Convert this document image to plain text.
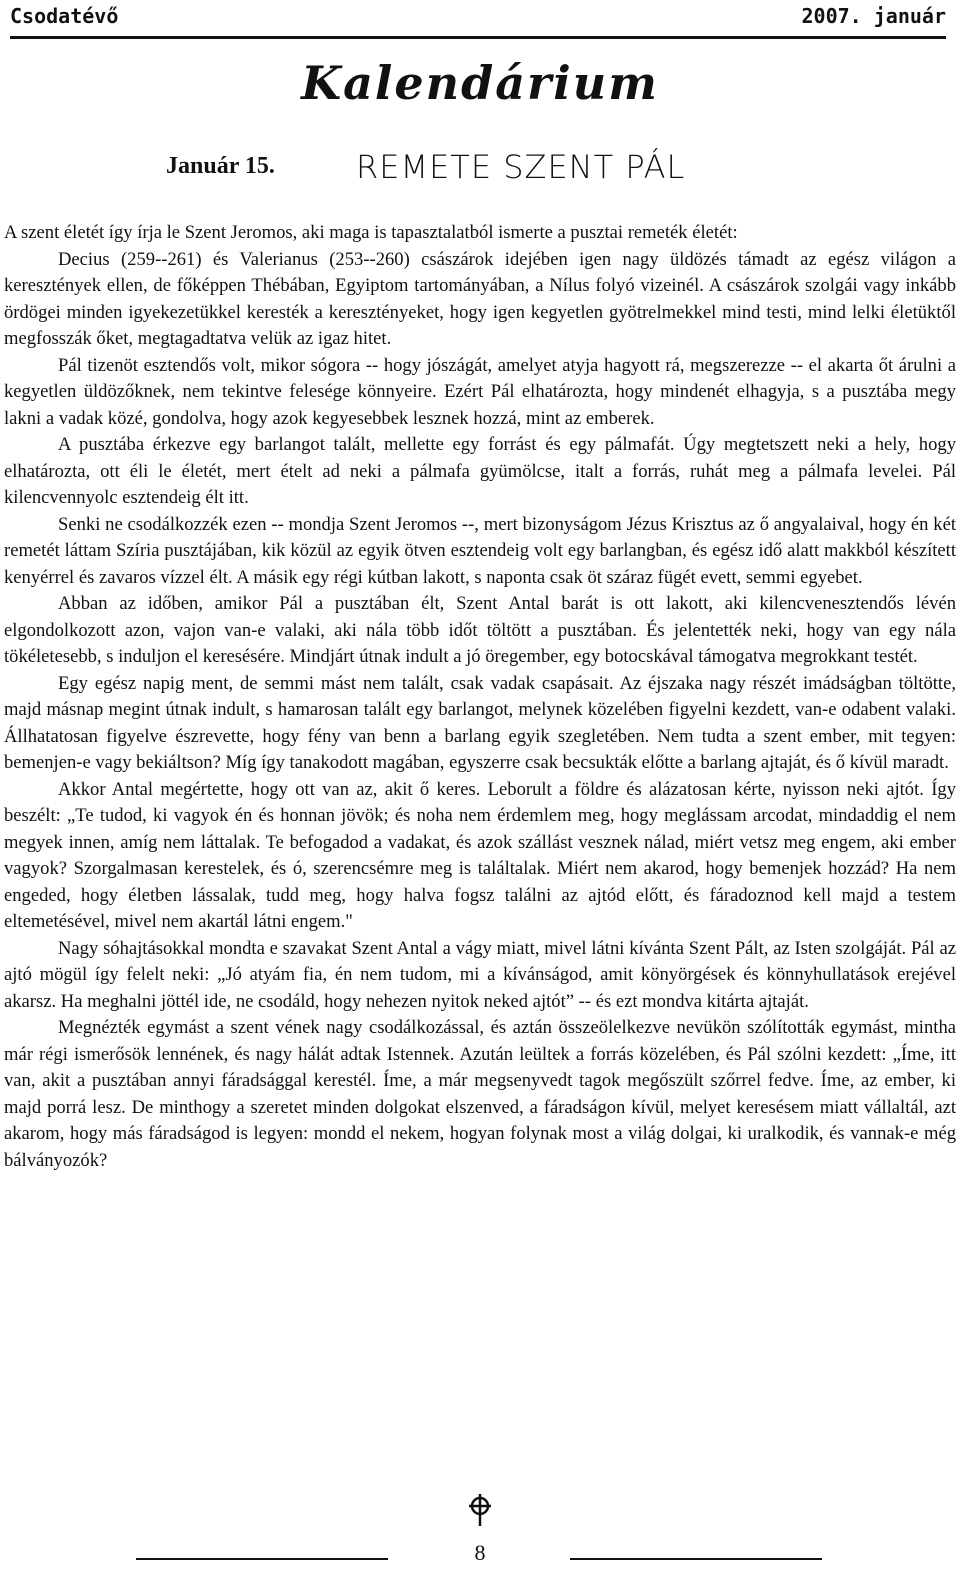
Csodatévő	2007. január
Kalendárium
Január 15.	REMETE SZENT PÁL

A szent életét így írja le Szent Jeromos, aki maga is tapasztalatból ismerte a pusztai remeték életét:

Decius (259--261) és Valerianus (253--260) császárok idejében igen nagy üldözés támadt az egész világon a keresztények ellen, de főképpen Thébában, Egyiptom tartományában, a Nílus folyó vizeinél. A császárok szolgái vagy inkább ördögei minden igyekezetükkel keresték a keresztényeket, hogy igen kegyetlen gyötrelmekkel mind testi, mind lelki életüktől megfosszák őket, megtagadtatva velük az igaz hitet.

Pál tizenöt esztendős volt, mikor sógora -- hogy jószágát, amelyet atyja hagyott rá, megszerezze -- el akarta őt árulni a kegyetlen üldözőknek, nem tekintve felesége könnyeire. Ezért Pál elhatározta, hogy mindenét elhagyja, s a pusztába megy lakni a vadak közé, gondolva, hogy azok kegyesebbek lesznek hozzá, mint az emberek.

A pusztába érkezve egy barlangot talált, mellette egy forrást és egy pálmafát. Úgy megtetszett neki a hely, hogy elhatározta, ott éli le életét, mert ételt ad neki a pálmafa gyümölcse, italt a forrás, ruhát meg a pálmafa levelei. Pál kilencvennyolc esztendeig élt itt.

Senki ne csodálkozzék ezen -- mondja Szent Jeromos --, mert bizonyságom Jézus Krisztus az ő angyalaival, hogy én két remetét láttam Szíria pusztájában, kik közül az egyik ötven esztendeig volt egy barlangban, és egész idő alatt makkból készített kenyérrel és zavaros vízzel élt. A másik egy régi kútban lakott, s naponta csak öt száraz fügét evett, semmi egyebet.

Abban az időben, amikor Pál a pusztában élt, Szent Antal barát is ott lakott, aki kilencvenesztendős lévén elgondolkozott azon, vajon van-e valaki, aki nála több időt töltött a pusztában. És jelentették neki, hogy van egy nála tökéletesebb, s induljon el keresésére. Mindjárt útnak indult a jó öregember, egy botocskával támogatva megrokkant testét.

Egy egész napig ment, de semmi mást nem talált, csak vadak csapásait. Az éjszaka nagy részét imádságban töltötte, majd másnap megint útnak indult, s hamarosan talált egy barlangot, melynek közelében figyelni kezdett, van-e odabent valaki. Állhatatosan figyelve észrevette, hogy fény van benn a barlang egyik szegletében. Nem tudta a szent ember, mit tegyen: bemenjen-e vagy bekiáltson? Míg így tanakodott magában, egyszerre csak becsukták előtte a barlang ajtaját, és ő kívül maradt.

Akkor Antal megértette, hogy ott van az, akit ő keres. Leborult a földre és alázatosan kérte, nyisson neki ajtót. Így beszélt: „Te tudod, ki vagyok én és honnan jövök; és noha nem érdemlem meg, hogy meglássam arcodat, mindaddig el nem megyek innen, amíg nem láttalak. Te befogadod a vadakat, és azok szállást vesznek nálad, miért vetsz meg engem, aki ember vagyok? Szorgalmasan kerestelek, és ó, szerencsémre meg is találtalak. Miért nem akarod, hogy bemenjek hozzád? Ha nem engeded, hogy életben lássalak, tudd meg, hogy halva fogsz találni az ajtód előtt, és fáradoznod kell majd a testem eltemetésével, mivel nem akartál látni engem."

Nagy sóhajtásokkal mondta e szavakat Szent Antal a vágy miatt, mivel látni kívánta Szent Pált, az Isten szolgáját. Pál az ajtó mögül így felelt neki: „Jó atyám fia, én nem tudom, mi a kívánságod, amit könyörgések és könnyhullatások erejével akarsz. Ha meghalni jöttél ide, ne csodáld, hogy nehezen nyitok neked ajtót” -- és ezt mondva kitárta ajtaját.

Megnézték egymást a szent vének nagy csodálkozással, és aztán összeölelkezve nevükön szólították egymást, mintha már régi ismerősök lennének, és nagy hálát adtak Istennek. Azután leültek a forrás közelében, és Pál szólni kezdett: „Íme, itt van, akit a pusztában annyi fáradsággal kerestél. Íme, a már megsenyvedt tagok megőszült szőrrel fedve. Íme, az ember, ki majd porrá lesz. De minthogy a szeretet minden dolgokat elszenved, a fáradságon kívül, melyet keresésem miatt vállaltál, azt akarom, hogy más fáradságod is legyen: mondd el nekem, hogyan folynak most a világ dolgai, ki uralkodik, és vannak-e még bálványozók?

8
